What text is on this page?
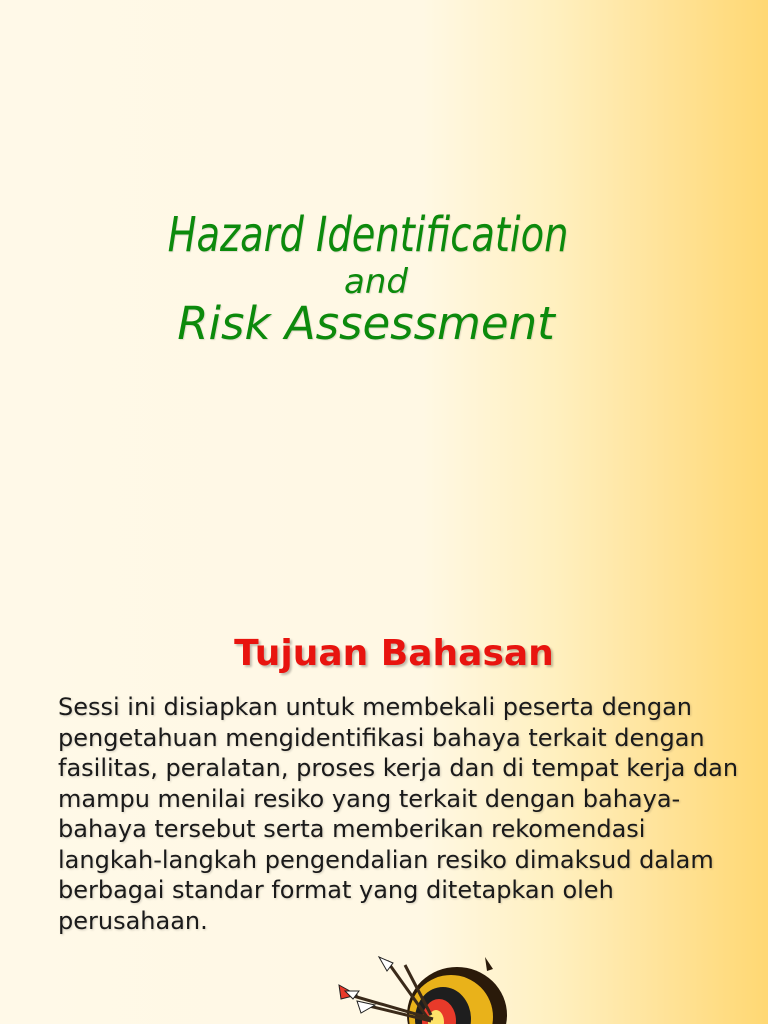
Hazard Identification
and
Risk Assessment
Tujuan Bahasan
Sessi ini disiapkan untuk membekali peserta dengan pengetahuan mengidentifikasi bahaya terkait dengan fasilitas, peralatan, proses kerja dan di tempat kerja dan mampu menilai resiko yang terkait dengan bahaya-bahaya tersebut serta memberikan rekomendasi langkah-langkah pengendalian resiko dimaksud dalam berbagai standar format yang ditetapkan oleh perusahaan.
